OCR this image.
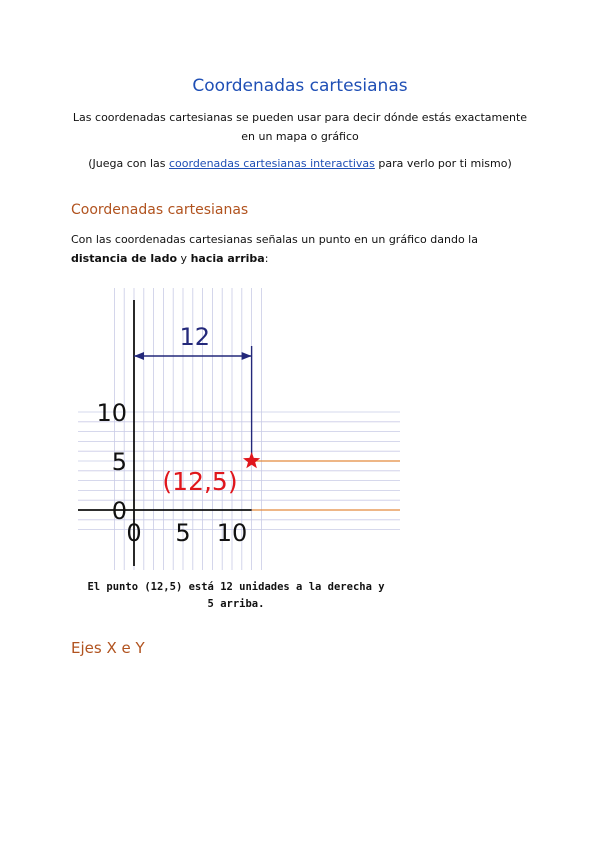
Coordenadas cartesianas
Las coordenadas cartesianas se pueden usar para decir dónde estás exactamente en un mapa o gráfico
(Juega con las coordenadas cartesianas interactivas para verlo por ti mismo)
Coordenadas cartesianas
Con las coordenadas cartesianas señalas un punto en un gráfico dando la distancia de lado y hacia arriba:
0 5 10
0
5
10
12
(12,5)
El punto (12,5) está 12 unidades a la derecha y 5 arriba.
Ejes X e Y
